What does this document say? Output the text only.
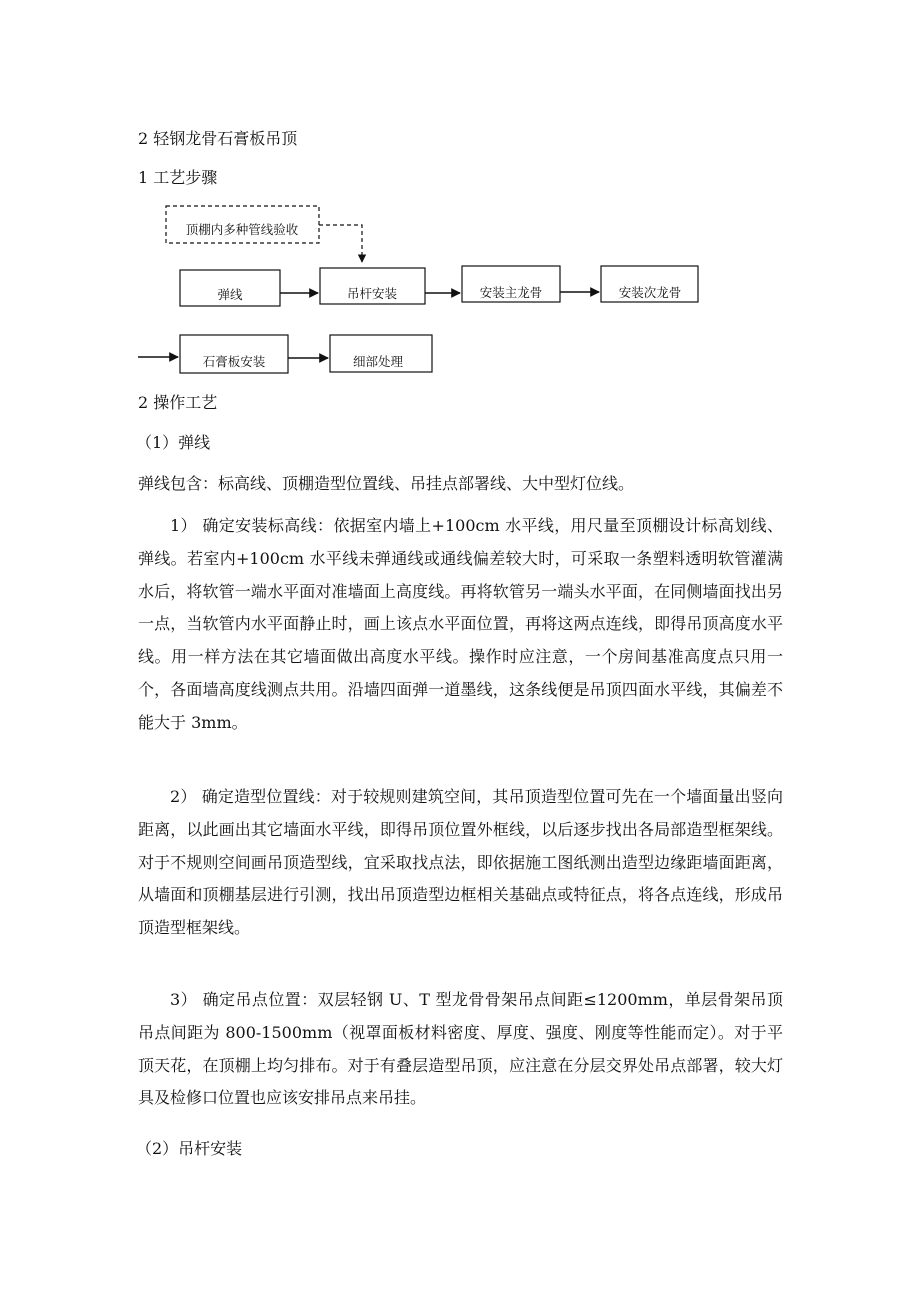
2 轻钢龙骨石膏板吊顶
1 工艺步骤
顶棚内多种管线验收
弹线	吊杆安装	安装主龙骨	安装次龙骨
石膏板安装	细部处理
2 操作工艺
（1）弹线
弹线包含：标高线、顶棚造型位置线、吊挂点部署线、大中型灯位线。

1） 确定安装标高线：依据室内墙上+100cm 水平线，用尺量至顶棚设计标高划线、弹线。若室内+100cm 水平线未弹通线或通线偏差较大时，可采取一条塑料透明软管灌满水后，将软管一端水平面对准墙面上高度线。再将软管另一端头水平面，在同侧墙面找出另一点，当软管内水平面静止时，画上该点水平面位置，再将这两点连线，即得吊顶高度水平线。用一样方法在其它墙面做出高度水平线。操作时应注意，一个房间基准高度点只用一个，各面墙高度线测点共用。沿墙四面弹一道墨线，这条线便是吊顶四面水平线，其偏差不能大于 3mm。

2） 确定造型位置线：对于较规则建筑空间，其吊顶造型位置可先在一个墙面量出竖向距离，以此画出其它墙面水平线，即得吊顶位置外框线，以后逐步找出各局部造型框架线。对于不规则空间画吊顶造型线，宜采取找点法，即依据施工图纸测出造型边缘距墙面距离，从墙面和顶棚基层进行引测，找出吊顶造型边框相关基础点或特征点，将各点连线，形成吊顶造型框架线。

3） 确定吊点位置：双层轻钢 U、T 型龙骨骨架吊点间距≤1200mm，单层骨架吊顶吊点间距为 800-1500mm（视罩面板材料密度、厚度、强度、刚度等性能而定）。对于平顶天花，在顶棚上均匀排布。对于有叠层造型吊顶，应注意在分层交界处吊点部署，较大灯具及检修口位置也应该安排吊点来吊挂。

（2）吊杆安装
